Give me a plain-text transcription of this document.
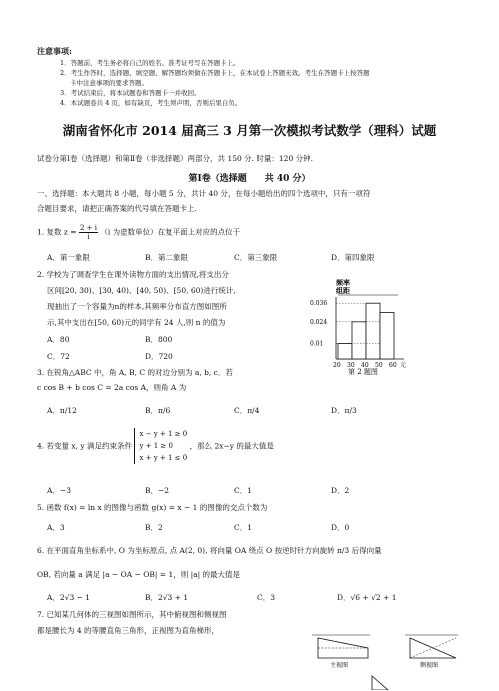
注意事项:
1．答题前，考生务必将自己的姓名、准考证号写在答题卡上。
2．考生作答时，选择题、填空题、解答题均须做在答题卡上，在本试卷上答题无效。考生在答题卡上按答题
卡中注意事项的要求答题。
3．考试结束后，将本试题卷和答题卡一并收回。
4．本试题卷共 4 页，如有缺页，考生须声明，否则后果自负。
湖南省怀化市 2014 届高三 3 月第一次模拟考试数学（理科）试题
试卷分第Ⅰ卷（选择题）和第Ⅱ卷（非选择题）两部分，共 150 分. 时量：120 分钟.
第Ⅰ卷（选择题　　共 40 分）
一、选择题：本大题共 8 小题，每小题 5 分，共计 40 分，在每小题给出的四个选项中，只有一项符
合题目要求，请把正确答案的代号填在答题卡上.
1. 复数 $z = \frac{2 + i}{i} (i$ 为虚数单位）在复平面上对应的点位于
A．第一象限	B．第二象限	C．第三象限	D．第四象限
2. 学校为了调查学生在课外读物方面的支出情况,将支出分
区间[20, 30)、[30, 40)、[40, 50)、[50, 60)进行统计,
现抽出了一个容量为n的样本,其频率分布直方图如图所
示,其中支出在[50, 60)元的同学有 24 人,则 n 的值为
A．80	B．800
C．72	D．720
频率
组距
0.036
0.024
0.01
20 30 40 50 60 元
第 2 题图
3. 在锐角△ABC 中，角 A, B, C 的对边分别为 a, b, c．若
c cos B + b cos C = 2a cos A，则角 A 为
A．π/12	B．π/6	C．π/4	D．π/3
4. 若变量 x, y 满足约束条件
x − y + 1 ≥ 0
y + 1 ≥ 0
x + y + 1 ≤ 0
，那么 2x−y 的最大值是
A．−3	B．−2	C．1	D．2
5. 函数 f(x) = ln x 的图像与函数 g(x) = x − 1 的图像的交点个数为
A．3	B．2	C．1	D．0
6. 在平面直角坐标系中, O 为坐标原点, 点 A(2, 0), 将向量 OA 绕点 O 按逆时针方向旋转 π/3 后得向量
OB, 若向量 a 满足 |a − OA − OB| = 1，则 |a| 的最大值是
A．2√3 − 1	B．2√3 + 1	C．3	D．√6 + √2 + 1
7. 已知某几何体的三视图如图所示，其中俯视图和侧视图
都是腰长为 4 的等腰直角三角形，正视图为直角梯形，
主视图	侧视图
